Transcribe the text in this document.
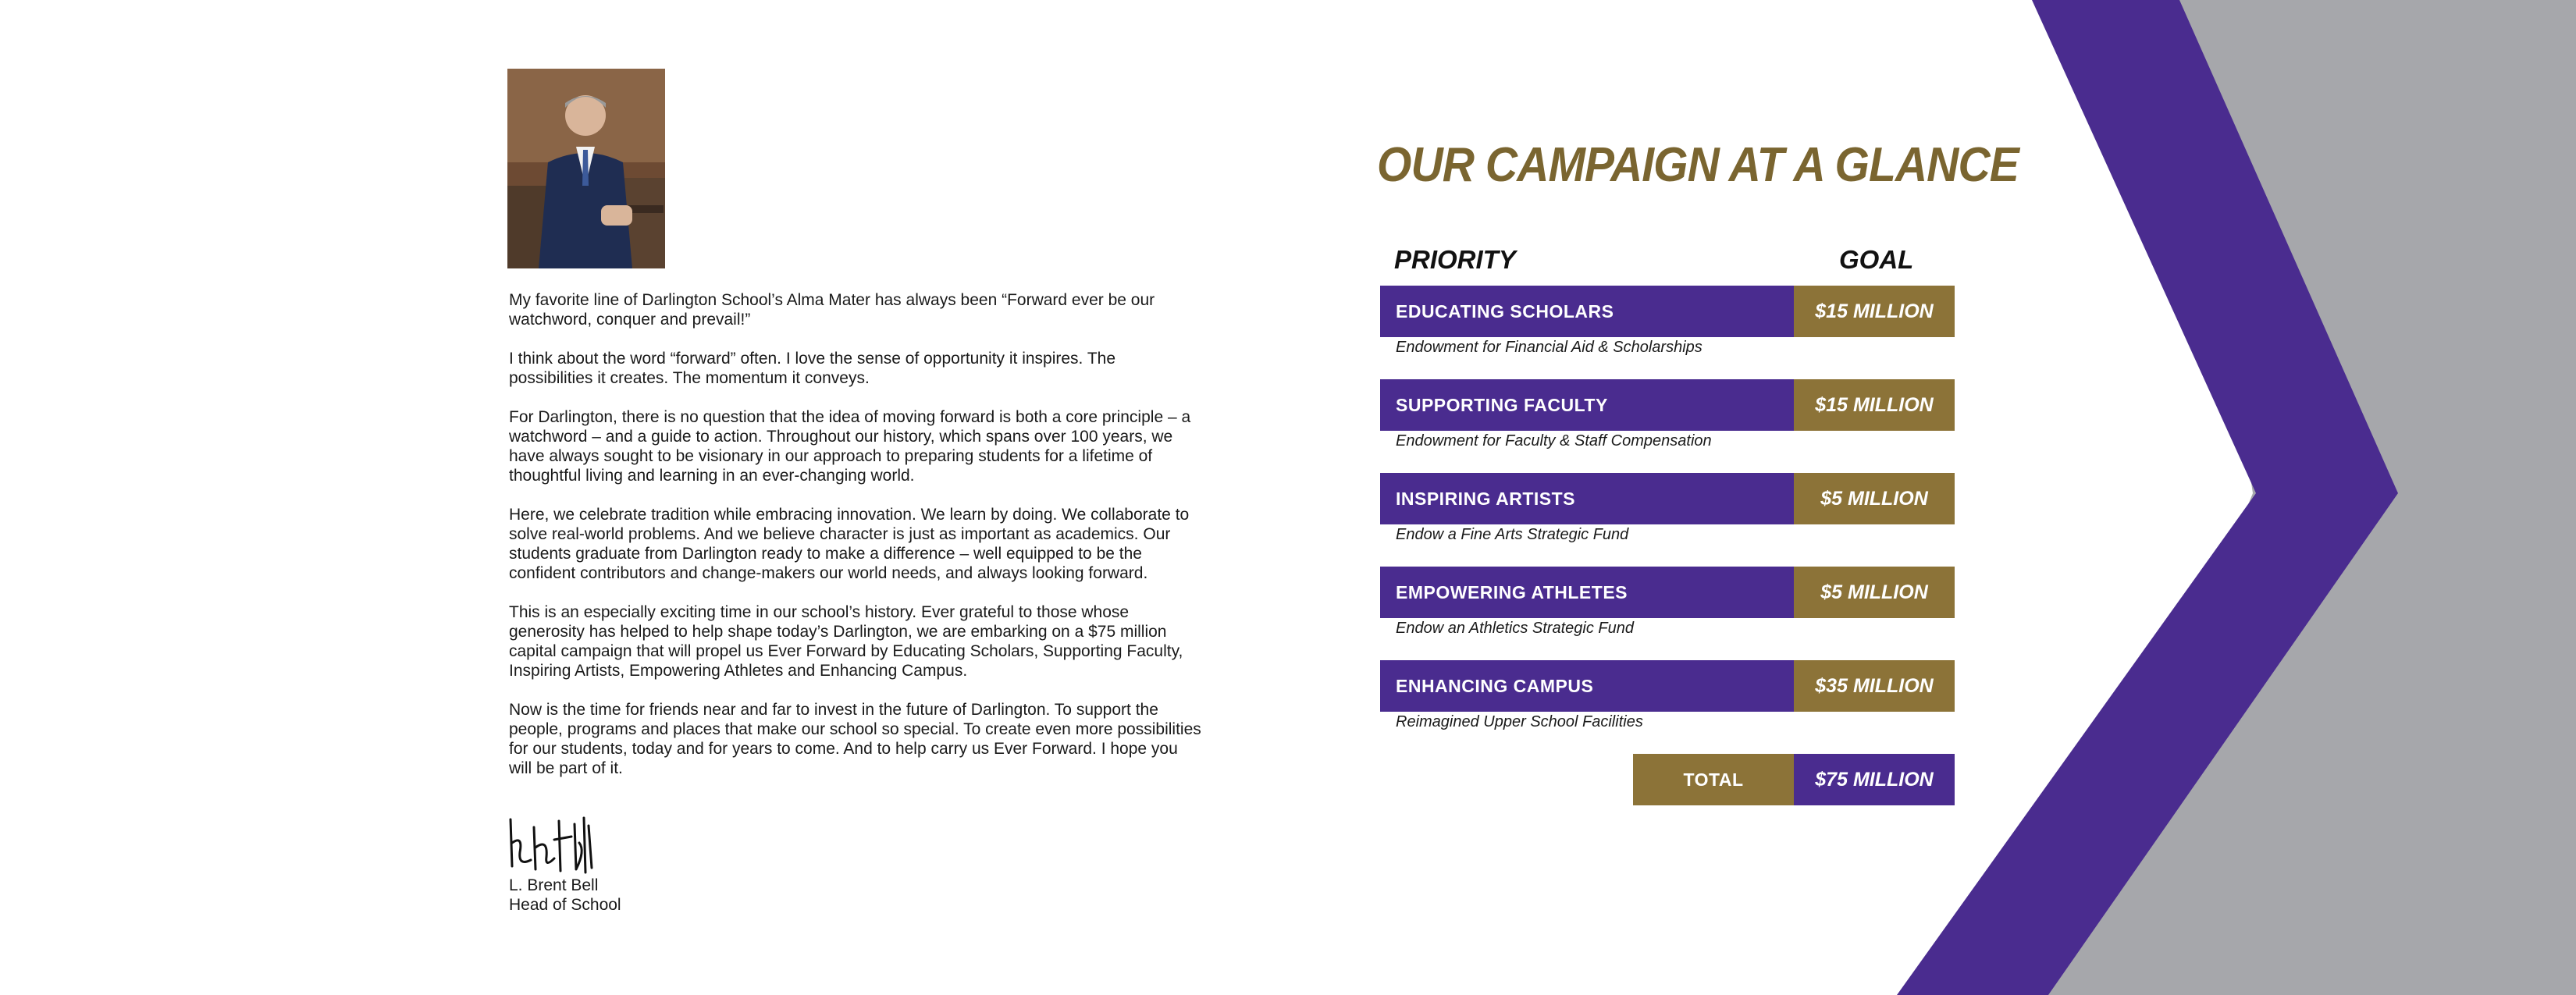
My favorite line of Darlington School’s Alma Mater has always been “Forward ever be our watchword, conquer and prevail!”

I think about the word “forward” often. I love the sense of opportunity it inspires. The possibilities it creates. The momentum it conveys.

For Darlington, there is no question that the idea of moving forward is both a core principle – a watchword – and a guide to action. Throughout our history, which spans over 100 years, we have always sought to be visionary in our approach to preparing students for a lifetime of thoughtful living and learning in an ever-changing world.

Here, we celebrate tradition while embracing innovation. We learn by doing. We collaborate to solve real-world problems. And we believe character is just as important as academics. Our students graduate from Darlington ready to make a difference – well equipped to be the confident contributors and change-makers our world needs, and always looking forward.

This is an especially exciting time in our school’s history. Ever grateful to those whose generosity has helped to help shape today’s Darlington, we are embarking on a $75 million capital campaign that will propel us Ever Forward by Educating Scholars, Supporting Faculty, Inspiring Artists, Empowering Athletes and Enhancing Campus.

Now is the time for friends near and far to invest in the future of Darlington. To support the people, programs and places that make our school so special. To create even more possibilities for our students, today and for years to come. And to help carry us Ever Forward. I hope you will be part of it.

L. Brent Bell
Head of School
OUR CAMPAIGN AT A GLANCE
PRIORITY	GOAL
EDUCATING SCHOLARS	$15 MILLION
Endowment for Financial Aid & Scholarships
SUPPORTING FACULTY	$15 MILLION
Endowment for Faculty & Staff Compensation
INSPIRING ARTISTS	$5 MILLION
Endow a Fine Arts Strategic Fund
EMPOWERING ATHLETES	$5 MILLION
Endow an Athletics Strategic Fund
ENHANCING CAMPUS	$35 MILLION
Reimagined Upper School Facilities
TOTAL	$75 MILLION
